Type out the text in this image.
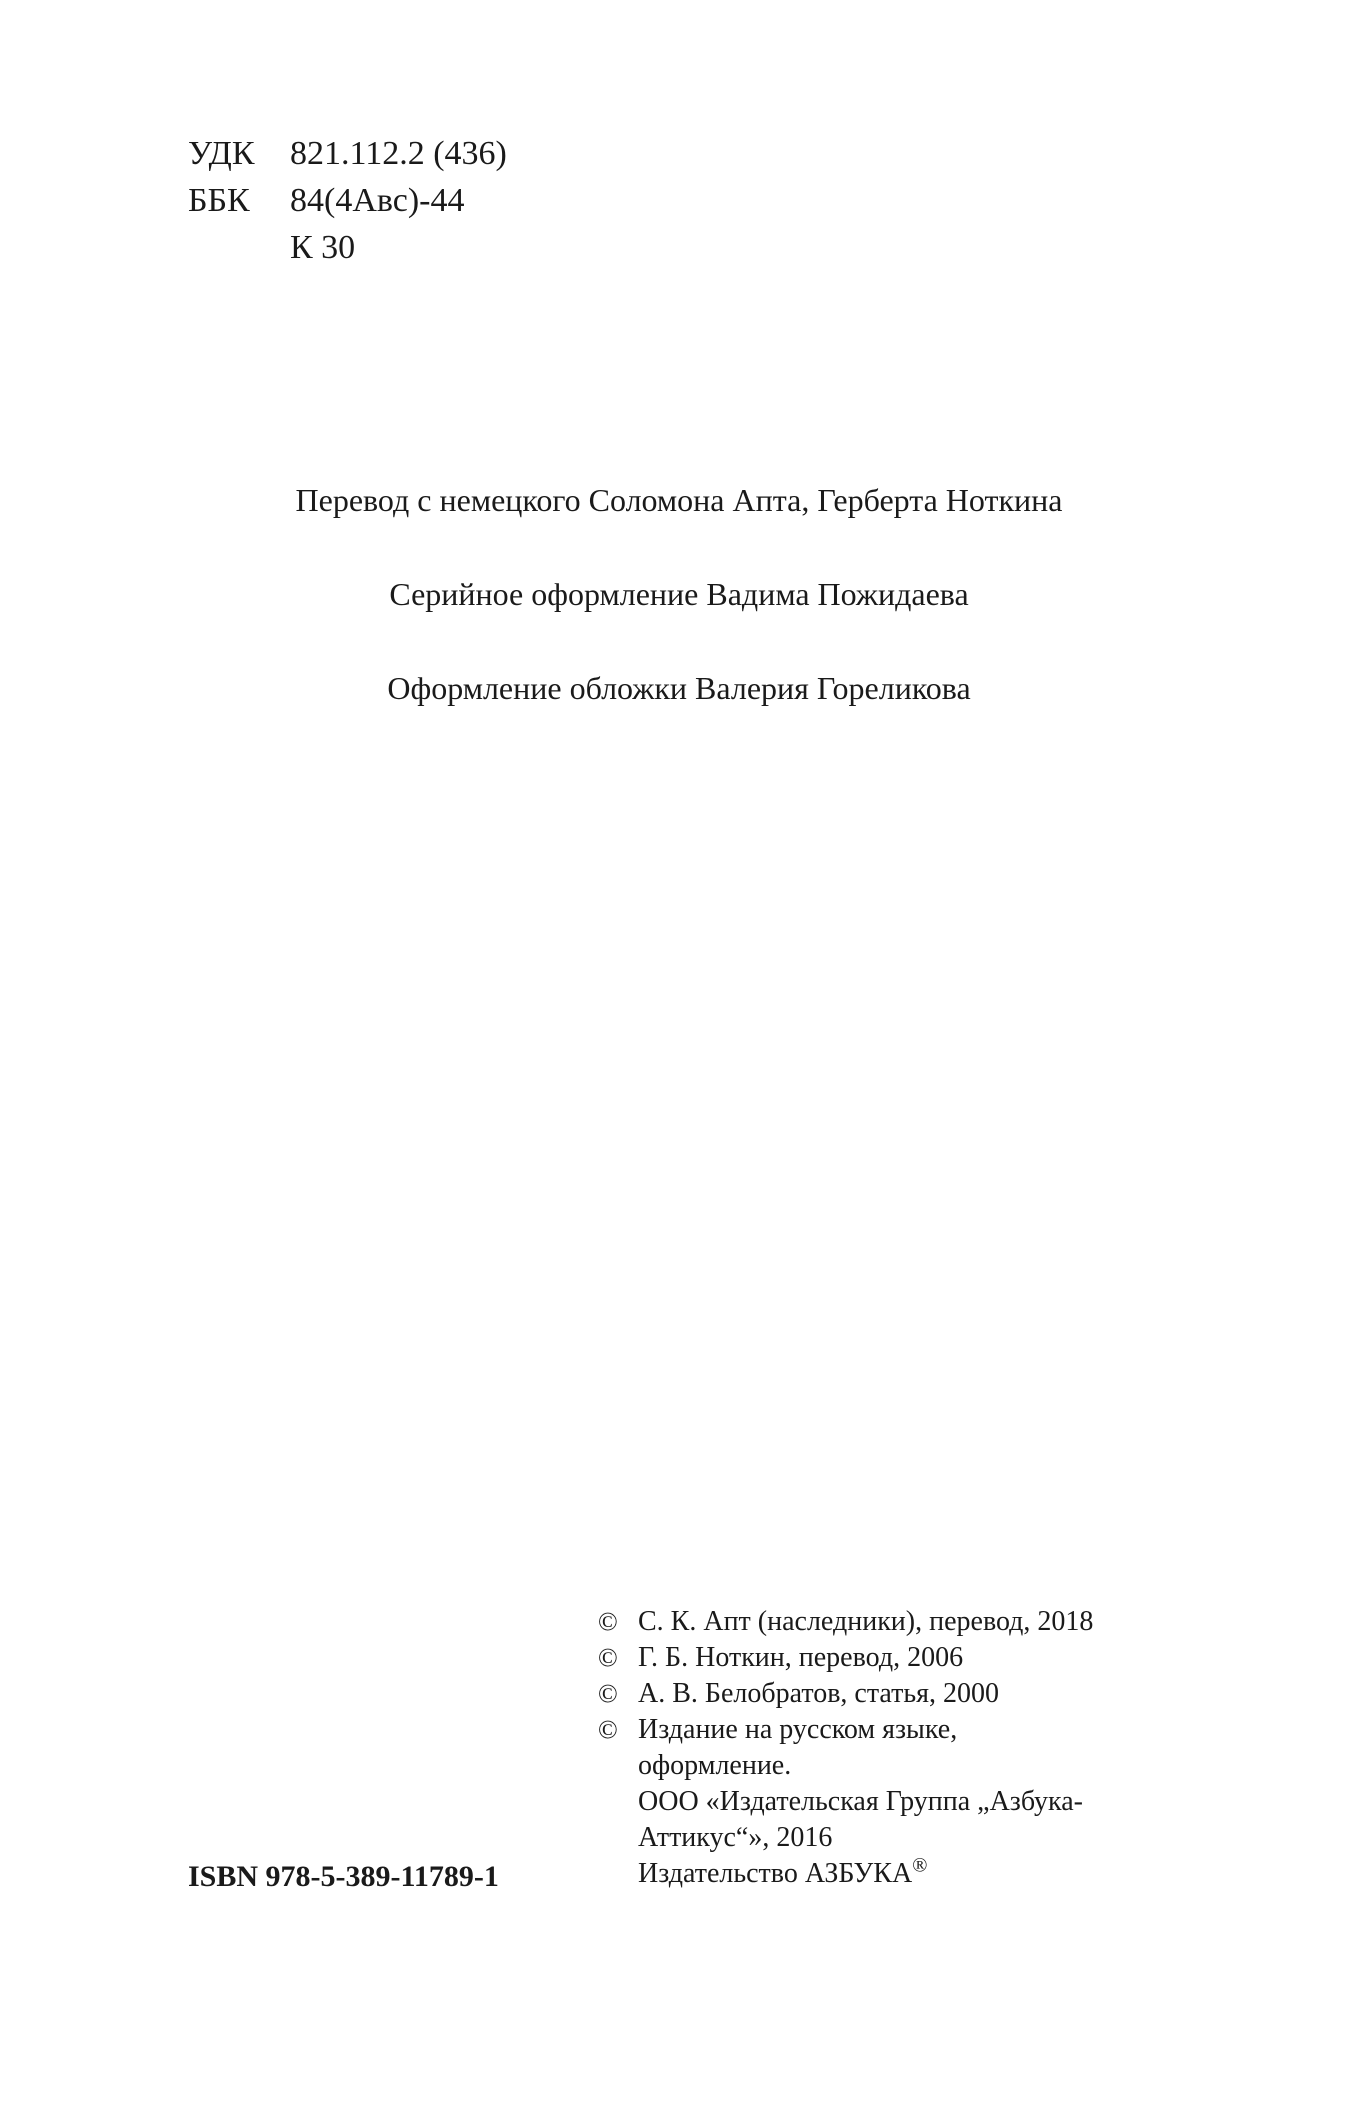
УДК	821.112.2 (436)
ББК	84(4Авс)-44
К 30

Перевод с немецкого Соломона Апта, Герберта Ноткина

Серийное оформление Вадима Пожидаева

Оформление обложки Валерия Гореликова

ISBN 978-5-389-11789-1
© С. К. Апт (наследники), перевод, 2018
© Г. Б. Ноткин, перевод, 2006
© А. В. Белобратов, статья, 2000
© Издание на русском языке,
оформление.
ООО «Издательская Группа „Азбука-
Аттикус“», 2016
Издательство АЗБУКА®
